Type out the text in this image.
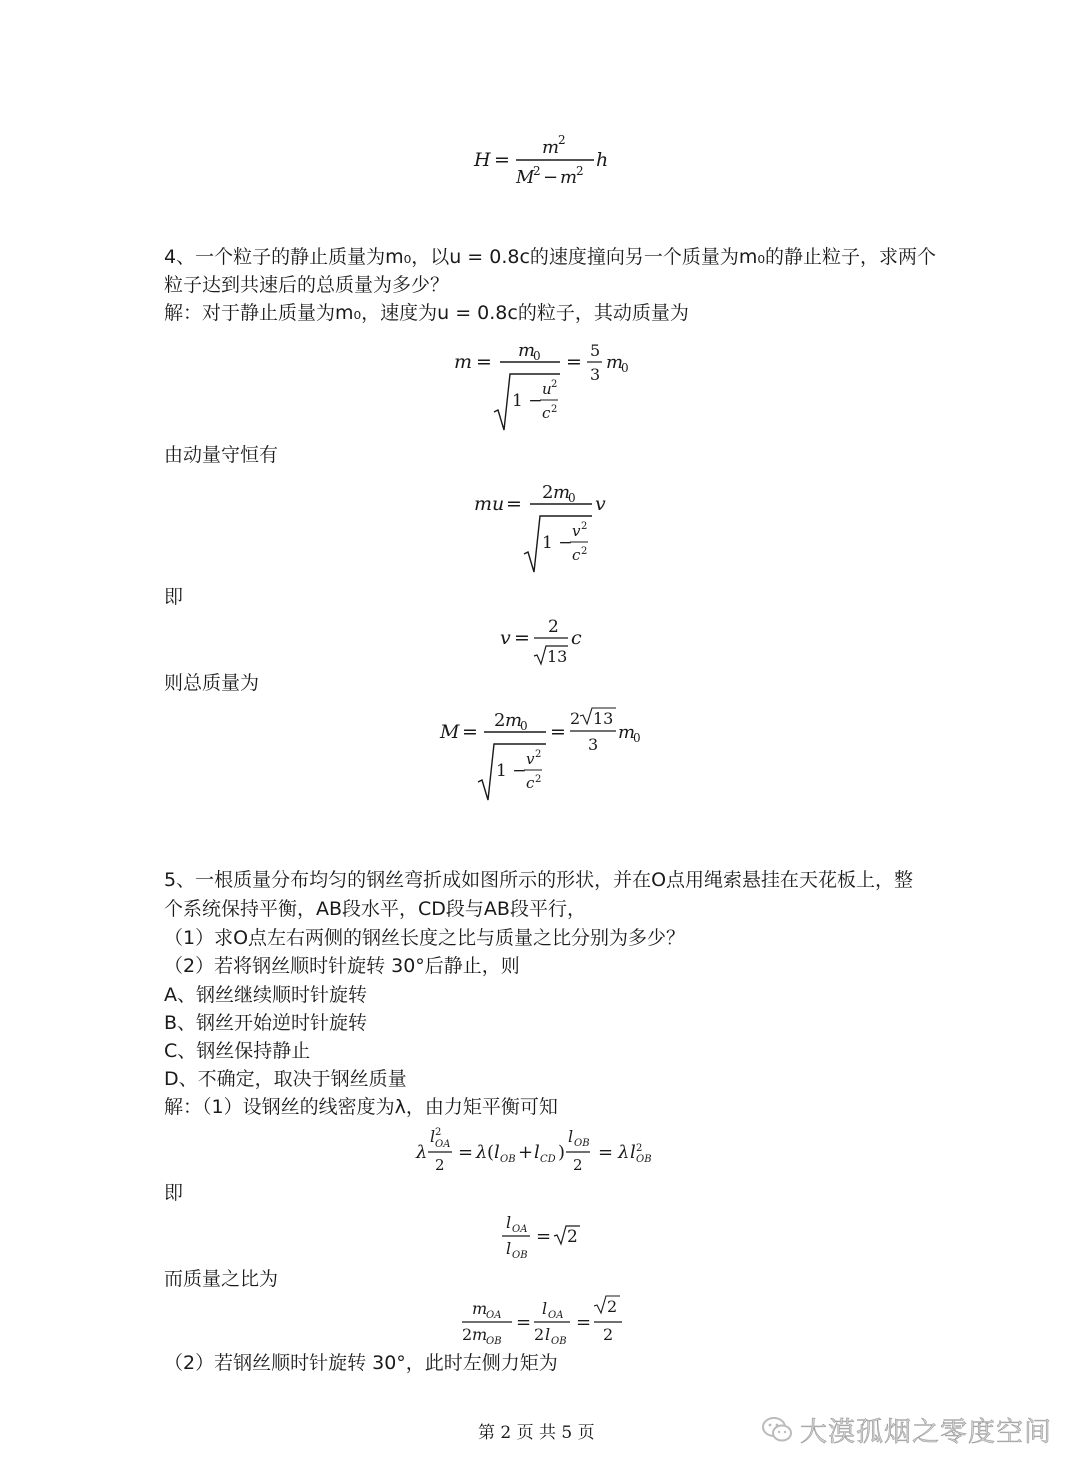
H =
m
2
M
2 − m
2 h
4、一个粒子的静止质量为m₀，以u = 0.8c的速度撞向另一个质量为m₀的静止粒子，求两个
粒子达到共速后的总质量为多少？
解：对于静止质量为m₀，速度为u = 0.8c的粒子，其动质量为
m =
m
0
1 −
u 2
c 2
=
5
3
m
0
由动量守恒有
mu =
2 m
0
1 −
v 2
c 2
v
即
v = 2
13
c
则总质量为
M =
2 m
0
1 −
v 2
c 2
=
2 13
3
m
0
5、一根质量分布均匀的钢丝弯折成如图所示的形状，并在O点用绳索悬挂在天花板上，整
个系统保持平衡，AB段水平，CD段与AB段平行，
（1）求O点左右两侧的钢丝长度之比与质量之比分别为多少？
（2）若将钢丝顺时针旋转 30°后静止，则
A、钢丝继续顺时针旋转
B、钢丝开始逆时针旋转
C、钢丝保持静止
D、不确定，取决于钢丝质量
解：（1）设钢丝的线密度为λ，由力矩平衡可知
λ
l 2
OA
2
= λ ( l OB + l CD )
l OB
2
= λ l 2
OB
即
l OA
l OB
= 2
而质量之比为
m
OA
2 m
OB
=
l OA
2 l OB
=
2
2
（2）若钢丝顺时针旋转 30°，此时左侧力矩为
第 2 页 共 5 页	大漠孤烟之零度空间
